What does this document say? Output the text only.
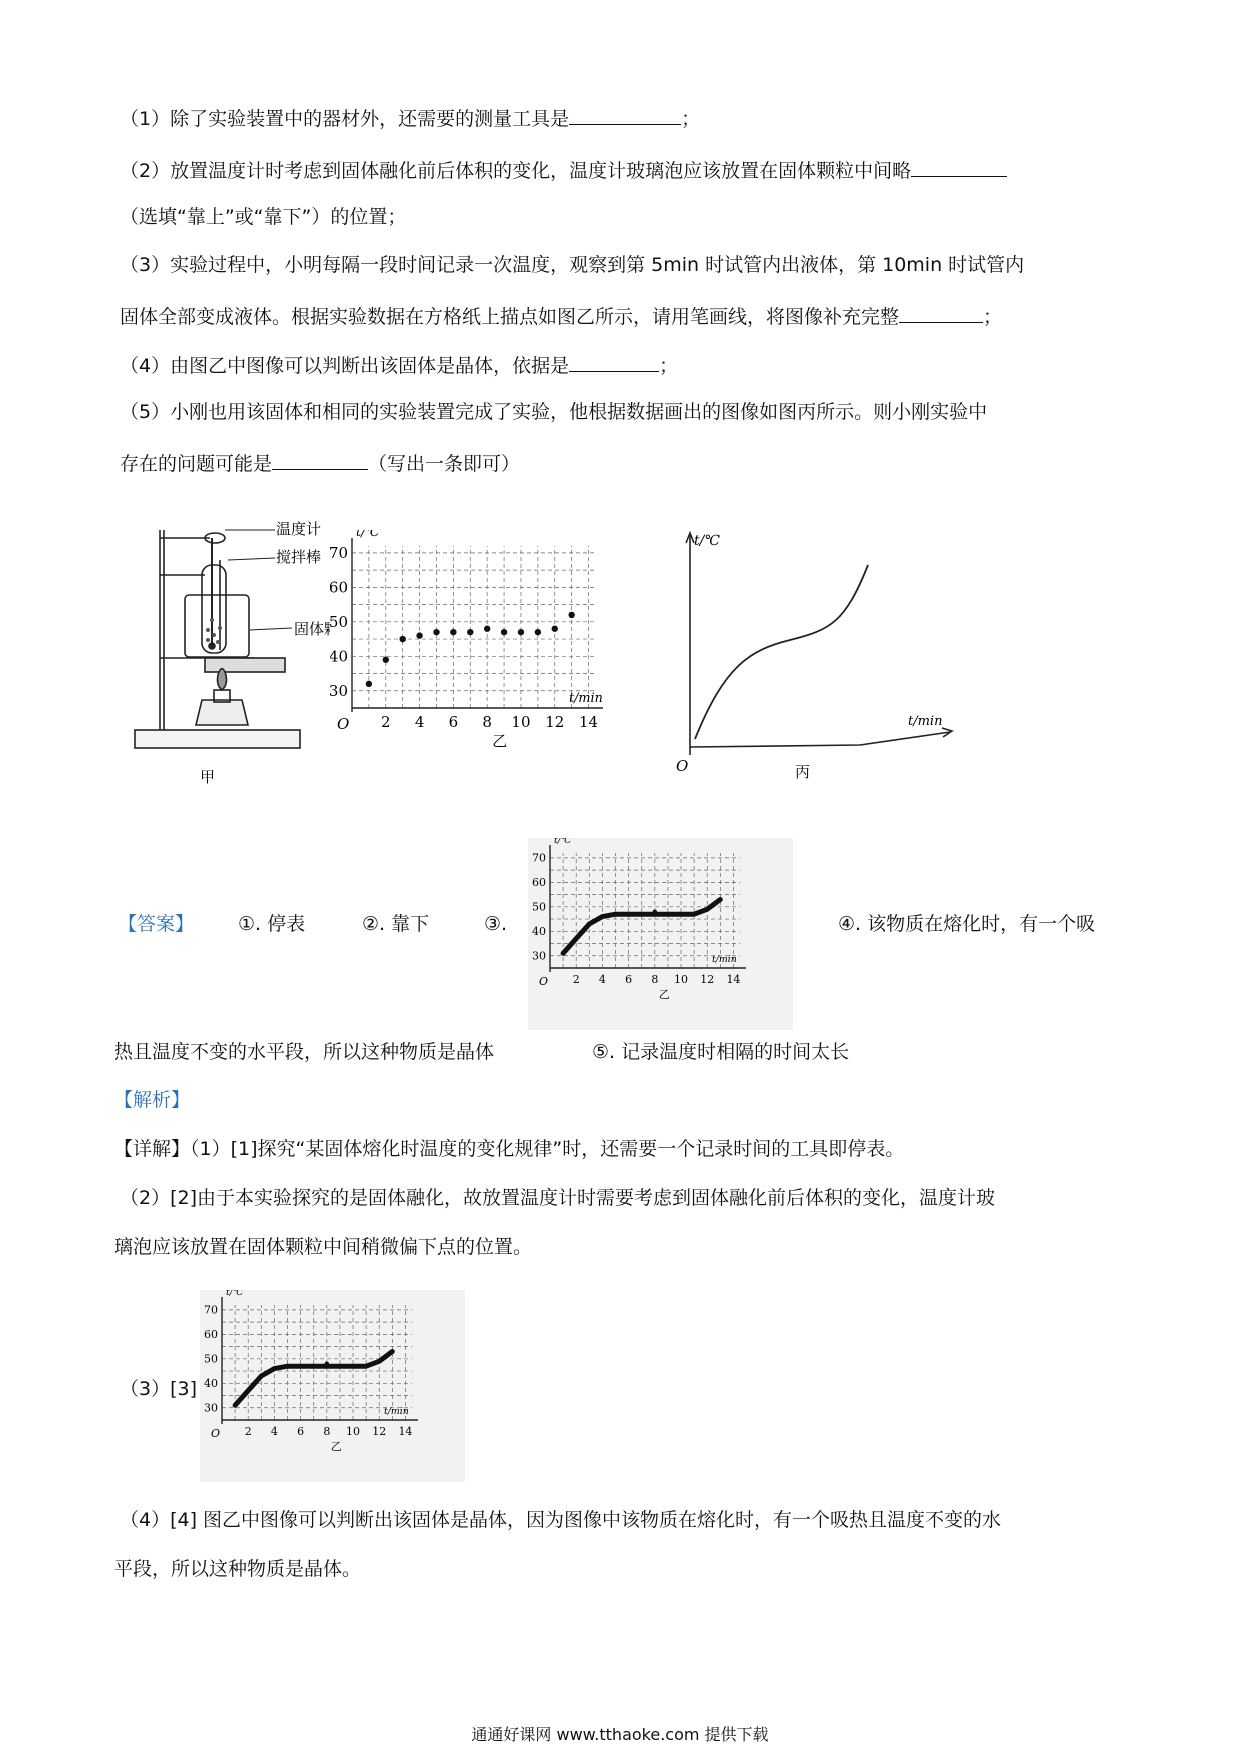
（1）除了实验装置中的器材外，还需要的测量工具是	；
（2）放置温度计时考虑到固体融化前后体积的变化，温度计玻璃泡应该放置在固体颗粒中间略
（选填“靠上”或“靠下”）的位置；
（3）实验过程中，小明每隔一段时间记录一次温度，观察到第 5min 时试管内出液体，第 10min 时试管内
固体全部变成液体。根据实验数据在方格纸上描点如图乙所示，请用笔画线，将图像补充完整	；
（4）由图乙中图像可以判断出该固体是晶体，依据是	；
（5）小刚也用该固体和相同的实验装置完成了实验，他根据数据画出的图像如图丙所示。则小刚实验中
存在的问题可能是	（写出一条即可）
温度计
搅拌棒
固体
甲
30
40
50
60
70
2 4 6 8 10 12 14
O
t/℃
t/min
乙
O
t/℃
t/min
丙
【答案】 ①. 停表	②. 靠下	③.
30
40
50
60
70
2 4 6 8 10 12 14
O
t/℃
t/min
乙
④. 该物质在熔化时，有一个吸
热且温度不变的水平段，所以这种物质是晶体	⑤. 记录温度时相隔的时间太长
【解析】
【详解】（1）[1]探究“某固体熔化时温度的变化规律”时，还需要一个记录时间的工具即停表。
（2）[2]由于本实验探究的是固体融化，故放置温度计时需要考虑到固体融化前后体积的变化，温度计玻
璃泡应该放置在固体颗粒中间稍微偏下点的位置。
（3）[3]
30
40
50
60
70
2 4 6 8 10 12 14
O
t/℃
t/min
乙
（4）[4] 图乙中图像可以判断出该固体是晶体，因为图像中该物质在熔化时，有一个吸热且温度不变的水
平段，所以这种物质是晶体。
通通好课网 www.tthaoke.com 提供下载
